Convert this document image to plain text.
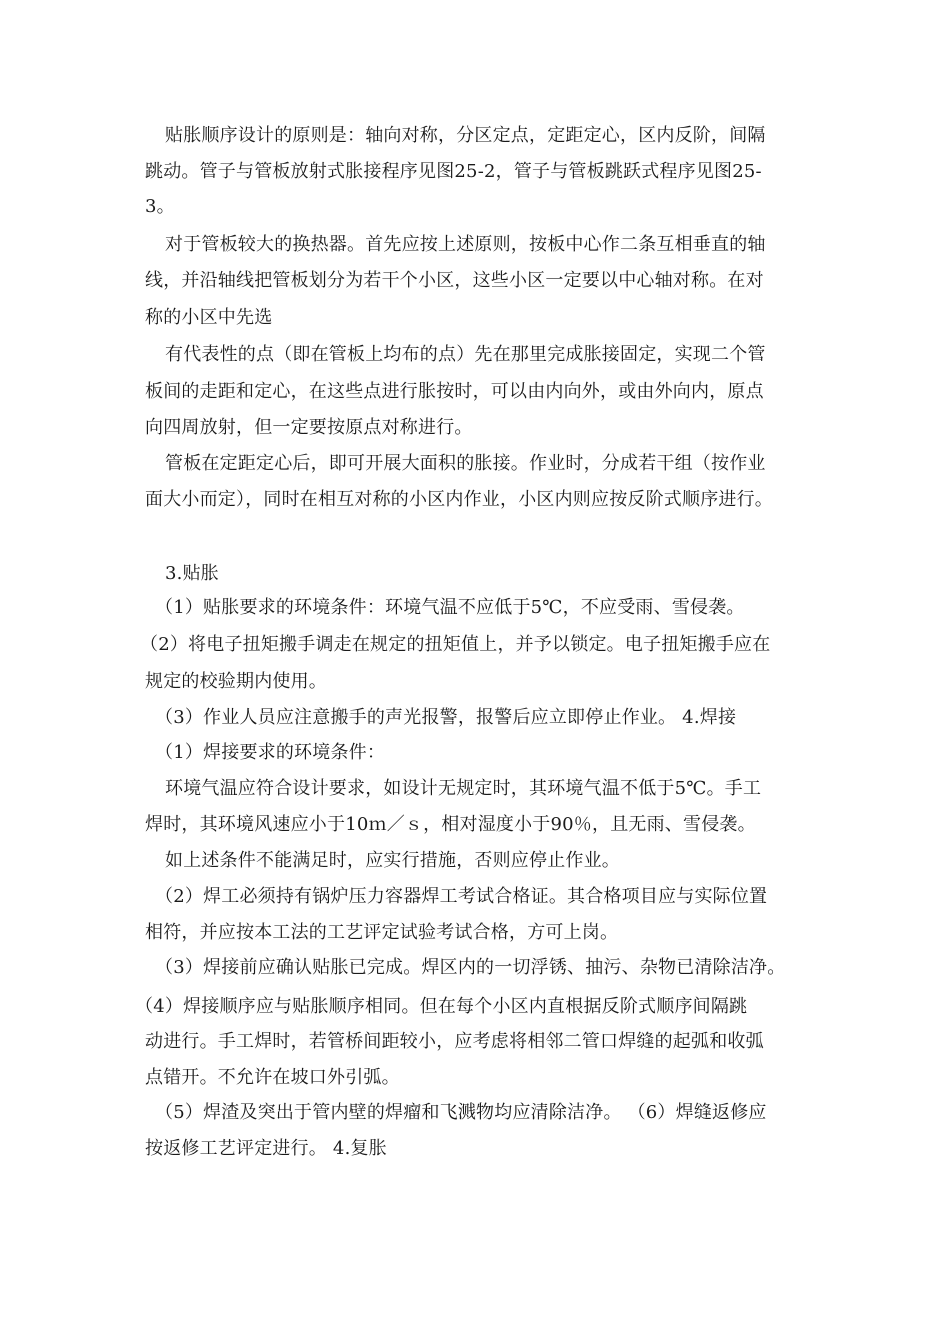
贴胀顺序设计的原则是：轴向对称，分区定点，定距定心，区内反阶，间隔
跳动。管子与管板放射式胀接程序见图25-2，管子与管板跳跃式程序见图25-
3。
对于管板较大的换热器。首先应按上述原则，按板中心作二条互相垂直的轴
线，并沿轴线把管板划分为若干个小区，这些小区一定要以中心轴对称。在对
称的小区中先选
有代表性的点（即在管板上均布的点）先在那里完成胀接固定，实现二个管
板间的走距和定心，在这些点进行胀按时，可以由内向外，或由外向内，原点
向四周放射，但一定要按原点对称进行。
管板在定距定心后，即可开展大面积的胀接。作业时，分成若干组（按作业
面大小而定），同时在相互对称的小区内作业，小区内则应按反阶式顺序进行。
3.贴胀
（1）贴胀要求的环境条件：环境气温不应低于5℃，不应受雨、雪侵袭。
（2）将电子扭矩搬手调走在规定的扭矩值上，并予以锁定。电子扭矩搬手应在
规定的校验期内使用。
（3）作业人员应注意搬手的声光报警，报警后应立即停止作业。 4.焊接
（1）焊接要求的环境条件：
环境气温应符合设计要求，如设计无规定时，其环境气温不低于5℃。手工
焊时，其环境风速应小于10ｍ／ｓ，相对湿度小于90％，且无雨、雪侵袭。
如上述条件不能满足时，应实行措施，否则应停止作业。
（2）焊工必须持有锅炉压力容器焊工考试合格证。其合格项目应与实际位置
相符，并应按本工法的工艺评定试验考试合格，方可上岗。
（3）焊接前应确认贴胀已完成。焊区内的一切浮锈、抽污、杂物已清除洁净。
（4）焊接顺序应与贴胀顺序相同。但在每个小区内直根据反阶式顺序间隔跳
动进行。手工焊时，若管桥间距较小，应考虑将相邻二管口焊缝的起弧和收弧
点错开。不允许在坡口外引弧。
（5）焊渣及突出于管内壁的焊瘤和飞溅物均应清除洁净。 （6）焊缝返修应
按返修工艺评定进行。 4.复胀
